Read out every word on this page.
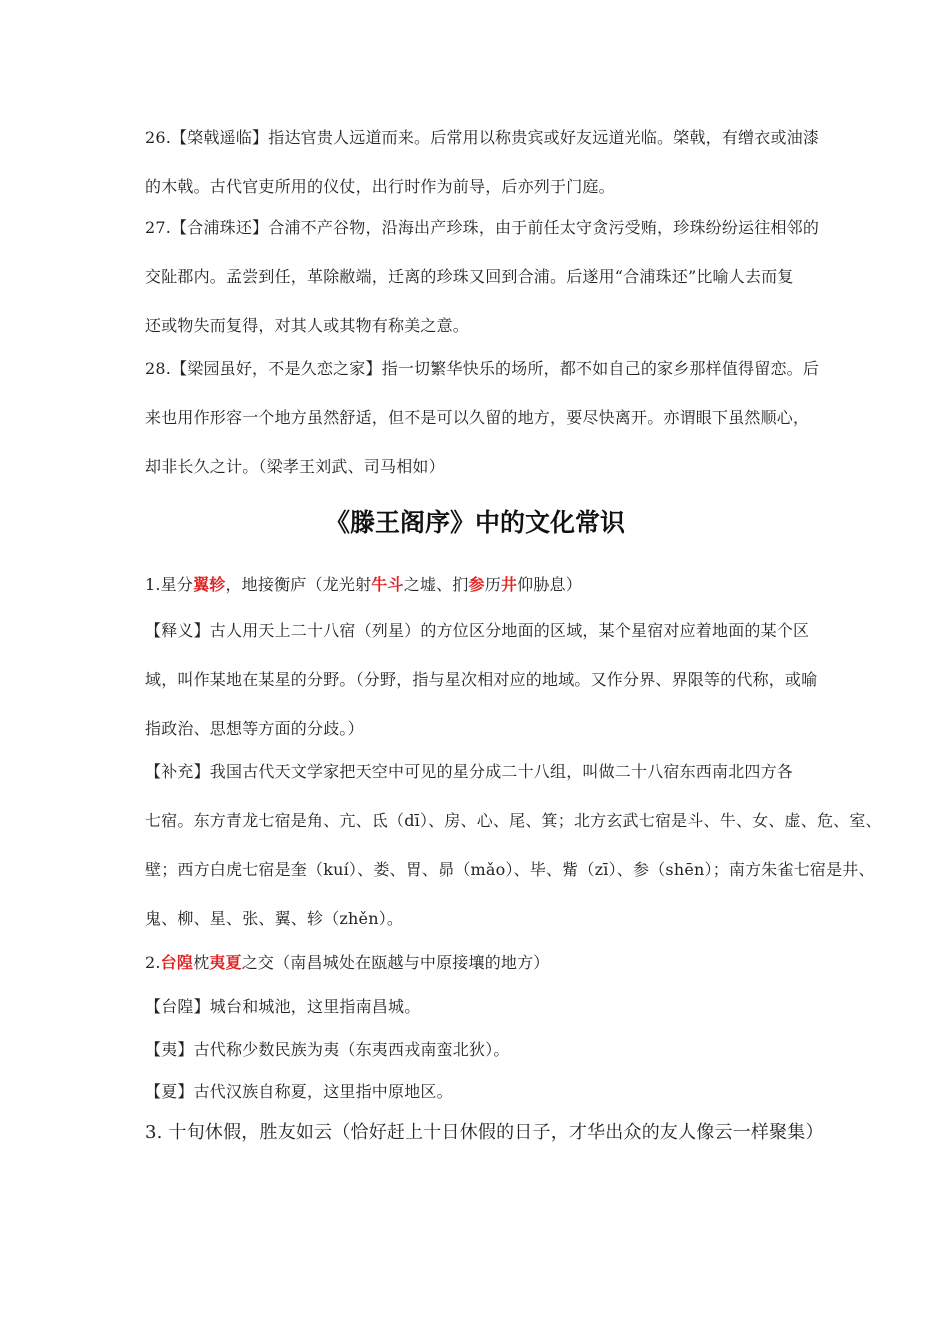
26.【棨戟遥临】指达官贵人远道而来。后常用以称贵宾或好友远道光临。棨戟，有缯衣或油漆
的木戟。古代官吏所用的仪仗，出行时作为前导，后亦列于门庭。
27.【合浦珠还】合浦不产谷物，沿海出产珍珠，由于前任太守贪污受贿，珍珠纷纷运往相邻的
交阯郡内。孟尝到任，革除敝端，迁离的珍珠又回到合浦。后遂用“合浦珠还”比喻人去而复
还或物失而复得，对其人或其物有称美之意。
28.【梁园虽好，不是久恋之家】指一切繁华快乐的场所，都不如自己的家乡那样值得留恋。后
来也用作形容一个地方虽然舒适，但不是可以久留的地方，要尽快离开。亦谓眼下虽然顺心，
却非长久之计。（梁孝王刘武、司马相如）
《滕王阁序》中的文化常识
1.星分翼轸，地接衡庐（龙光射牛斗之墟、扪参历井仰胁息）
【释义】古人用天上二十八宿（列星）的方位区分地面的区域，某个星宿对应着地面的某个区
域，叫作某地在某星的分野。（分野，指与星次相对应的地域。又作分界、界限等的代称，或喻
指政治、思想等方面的分歧。）
【补充】我国古代天文学家把天空中可见的星分成二十八组，叫做二十八宿东西南北四方各
七宿。东方青龙七宿是角、亢、氐（dī）、房、心、尾、箕；北方玄武七宿是斗、牛、女、虚、危、室、
壁；西方白虎七宿是奎（kuí）、娄、胃、昴（mǎo）、毕、觜（zī）、参（shēn）；南方朱雀七宿是井、
鬼、柳、星、张、翼、轸（zhěn）。
2.台隍枕夷夏之交（南昌城处在瓯越与中原接壤的地方）
【台隍】城台和城池，这里指南昌城。
【夷】古代称少数民族为夷（东夷西戎南蛮北狄）。
【夏】古代汉族自称夏，这里指中原地区。
3. 十旬休假，胜友如云（恰好赶上十日休假的日子，才华出众的友人像云一样聚集）
